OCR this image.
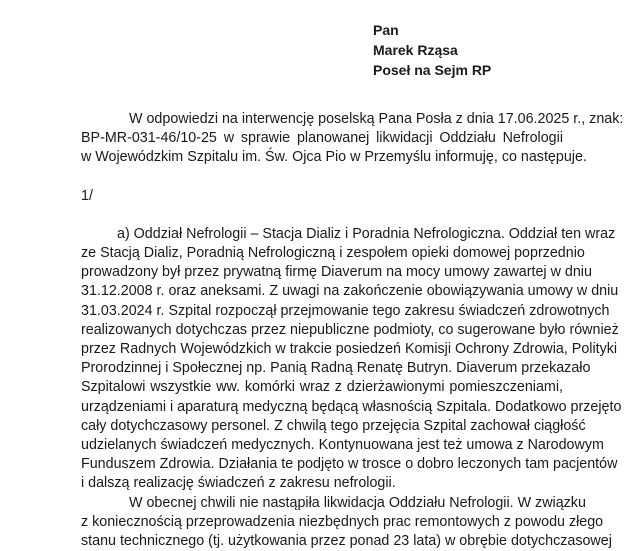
Pan
Marek Rząsa
Poseł na Sejm RP
W odpowiedzi na interwencję poselską Pana Posła z dnia 17.06.2025 r., znak:
BP-MR-031-46/10-25 w sprawie planowanej likwidacji Oddziału Nefrologii
w Wojewódzkim Szpitalu im. Św. Ojca Pio w Przemyślu informuję, co następuje.
1/
a) Oddział Nefrologii – Stacja Dializ i Poradnia Nefrologiczna. Oddział ten wraz
ze Stacją Dializ, Poradnią Nefrologiczną i zespołem opieki domowej poprzednio
prowadzony był przez prywatną firmę Diaverum na mocy umowy zawartej w dniu
31.12.2008 r. oraz aneksami. Z uwagi na zakończenie obowiązywania umowy w dniu
31.03.2024 r. Szpital rozpoczął przejmowanie tego zakresu świadczeń zdrowotnych
realizowanych dotychczas przez niepubliczne podmioty, co sugerowane było również
przez Radnych Wojewódzkich w trakcie posiedzeń Komisji Ochrony Zdrowia, Polityki
Prorodzinnej i Społecznej np. Panią Radną Renatę Butryn. Diaverum przekazało
Szpitalowi wszystkie ww. komórki wraz z dzierżawionymi pomieszczeniami,
urządzeniami i aparaturą medyczną będącą własnością Szpitala. Dodatkowo przejęto
cały dotychczasowy personel. Z chwilą tego przejęcia Szpital zachował ciągłość
udzielanych świadczeń medycznych. Kontynuowana jest też umowa z Narodowym
Funduszem Zdrowia. Działania te podjęto w trosce o dobro leczonych tam pacjentów
i dalszą realizację świadczeń z zakresu nefrologii.
W obecnej chwili nie nastąpiła likwidacja Oddziału Nefrologii. W związku
z koniecznością przeprowadzenia niezbędnych prac remontowych z powodu złego
stanu technicznego (tj. użytkowania przez ponad 23 lata) w obrębie dotychczasowej
